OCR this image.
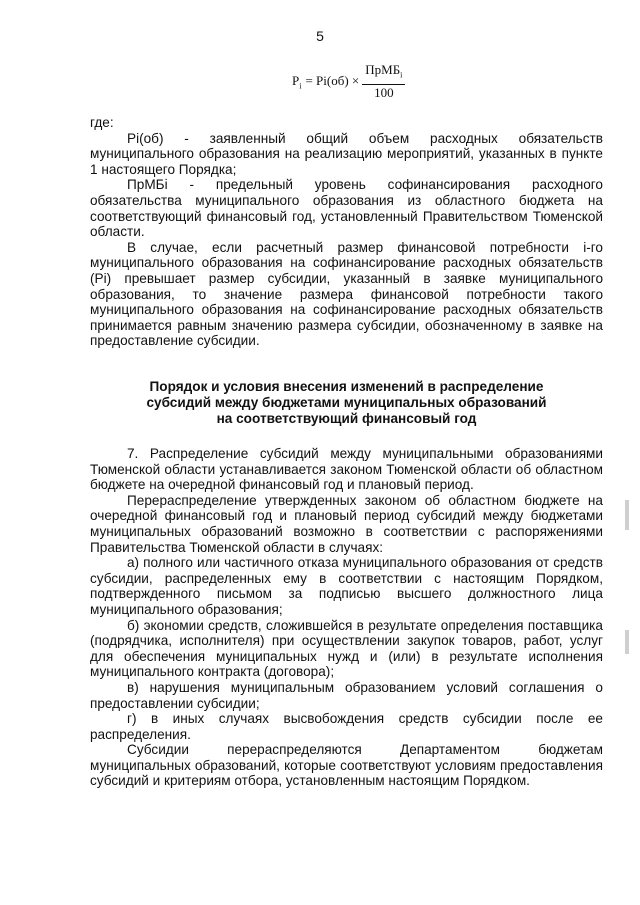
5
$P_i = Pi(об) \times \frac{ПрМБ_i}{100}$

где:

Pi(об) - заявленный общий объем расходных обязательств муниципального образования на реализацию мероприятий, указанных в пункте 1 настоящего Порядка;

ПрМБі - предельный уровень софинансирования расходного обязательства муниципального образования из областного бюджета на соответствующий финансовый год, установленный Правительством Тюменской области.

В случае, если расчетный размер финансовой потребности i-го муниципального образования на софинансирование расходных обязательств (Pi) превышает размер субсидии, указанный в заявке муниципального образования, то значение размера финансовой потребности такого муниципального образования на софинансирование расходных обязательств принимается равным значению размера субсидии, обозначенному в заявке на предоставление субсидии.

Порядок и условия внесения изменений в распределение
субсидий между бюджетами муниципальных образований
на соответствующий финансовый год

7. Распределение субсидий между муниципальными образованиями Тюменской области устанавливается законом Тюменской области об областном бюджете на очередной финансовый год и плановый период.

Перераспределение утвержденных законом об областном бюджете на очередной финансовый год и плановый период субсидий между бюджетами муниципальных образований возможно в соответствии с распоряжениями Правительства Тюменской области в случаях:

а) полного или частичного отказа муниципального образования от средств субсидии, распределенных ему в соответствии с настоящим Порядком, подтвержденного письмом за подписью высшего должностного лица муниципального образования;

б) экономии средств, сложившейся в результате определения поставщика (подрядчика, исполнителя) при осуществлении закупок товаров, работ, услуг для обеспечения муниципальных нужд и (или) в результате исполнения муниципального контракта (договора);

в) нарушения муниципальным образованием условий соглашения о предоставлении субсидии;

г) в иных случаях высвобождения средств субсидии после ее распределения.

Субсидии перераспределяются Департаментом бюджетам муниципальных образований, которые соответствуют условиям предоставления субсидий и критериям отбора, установленным настоящим Порядком.
